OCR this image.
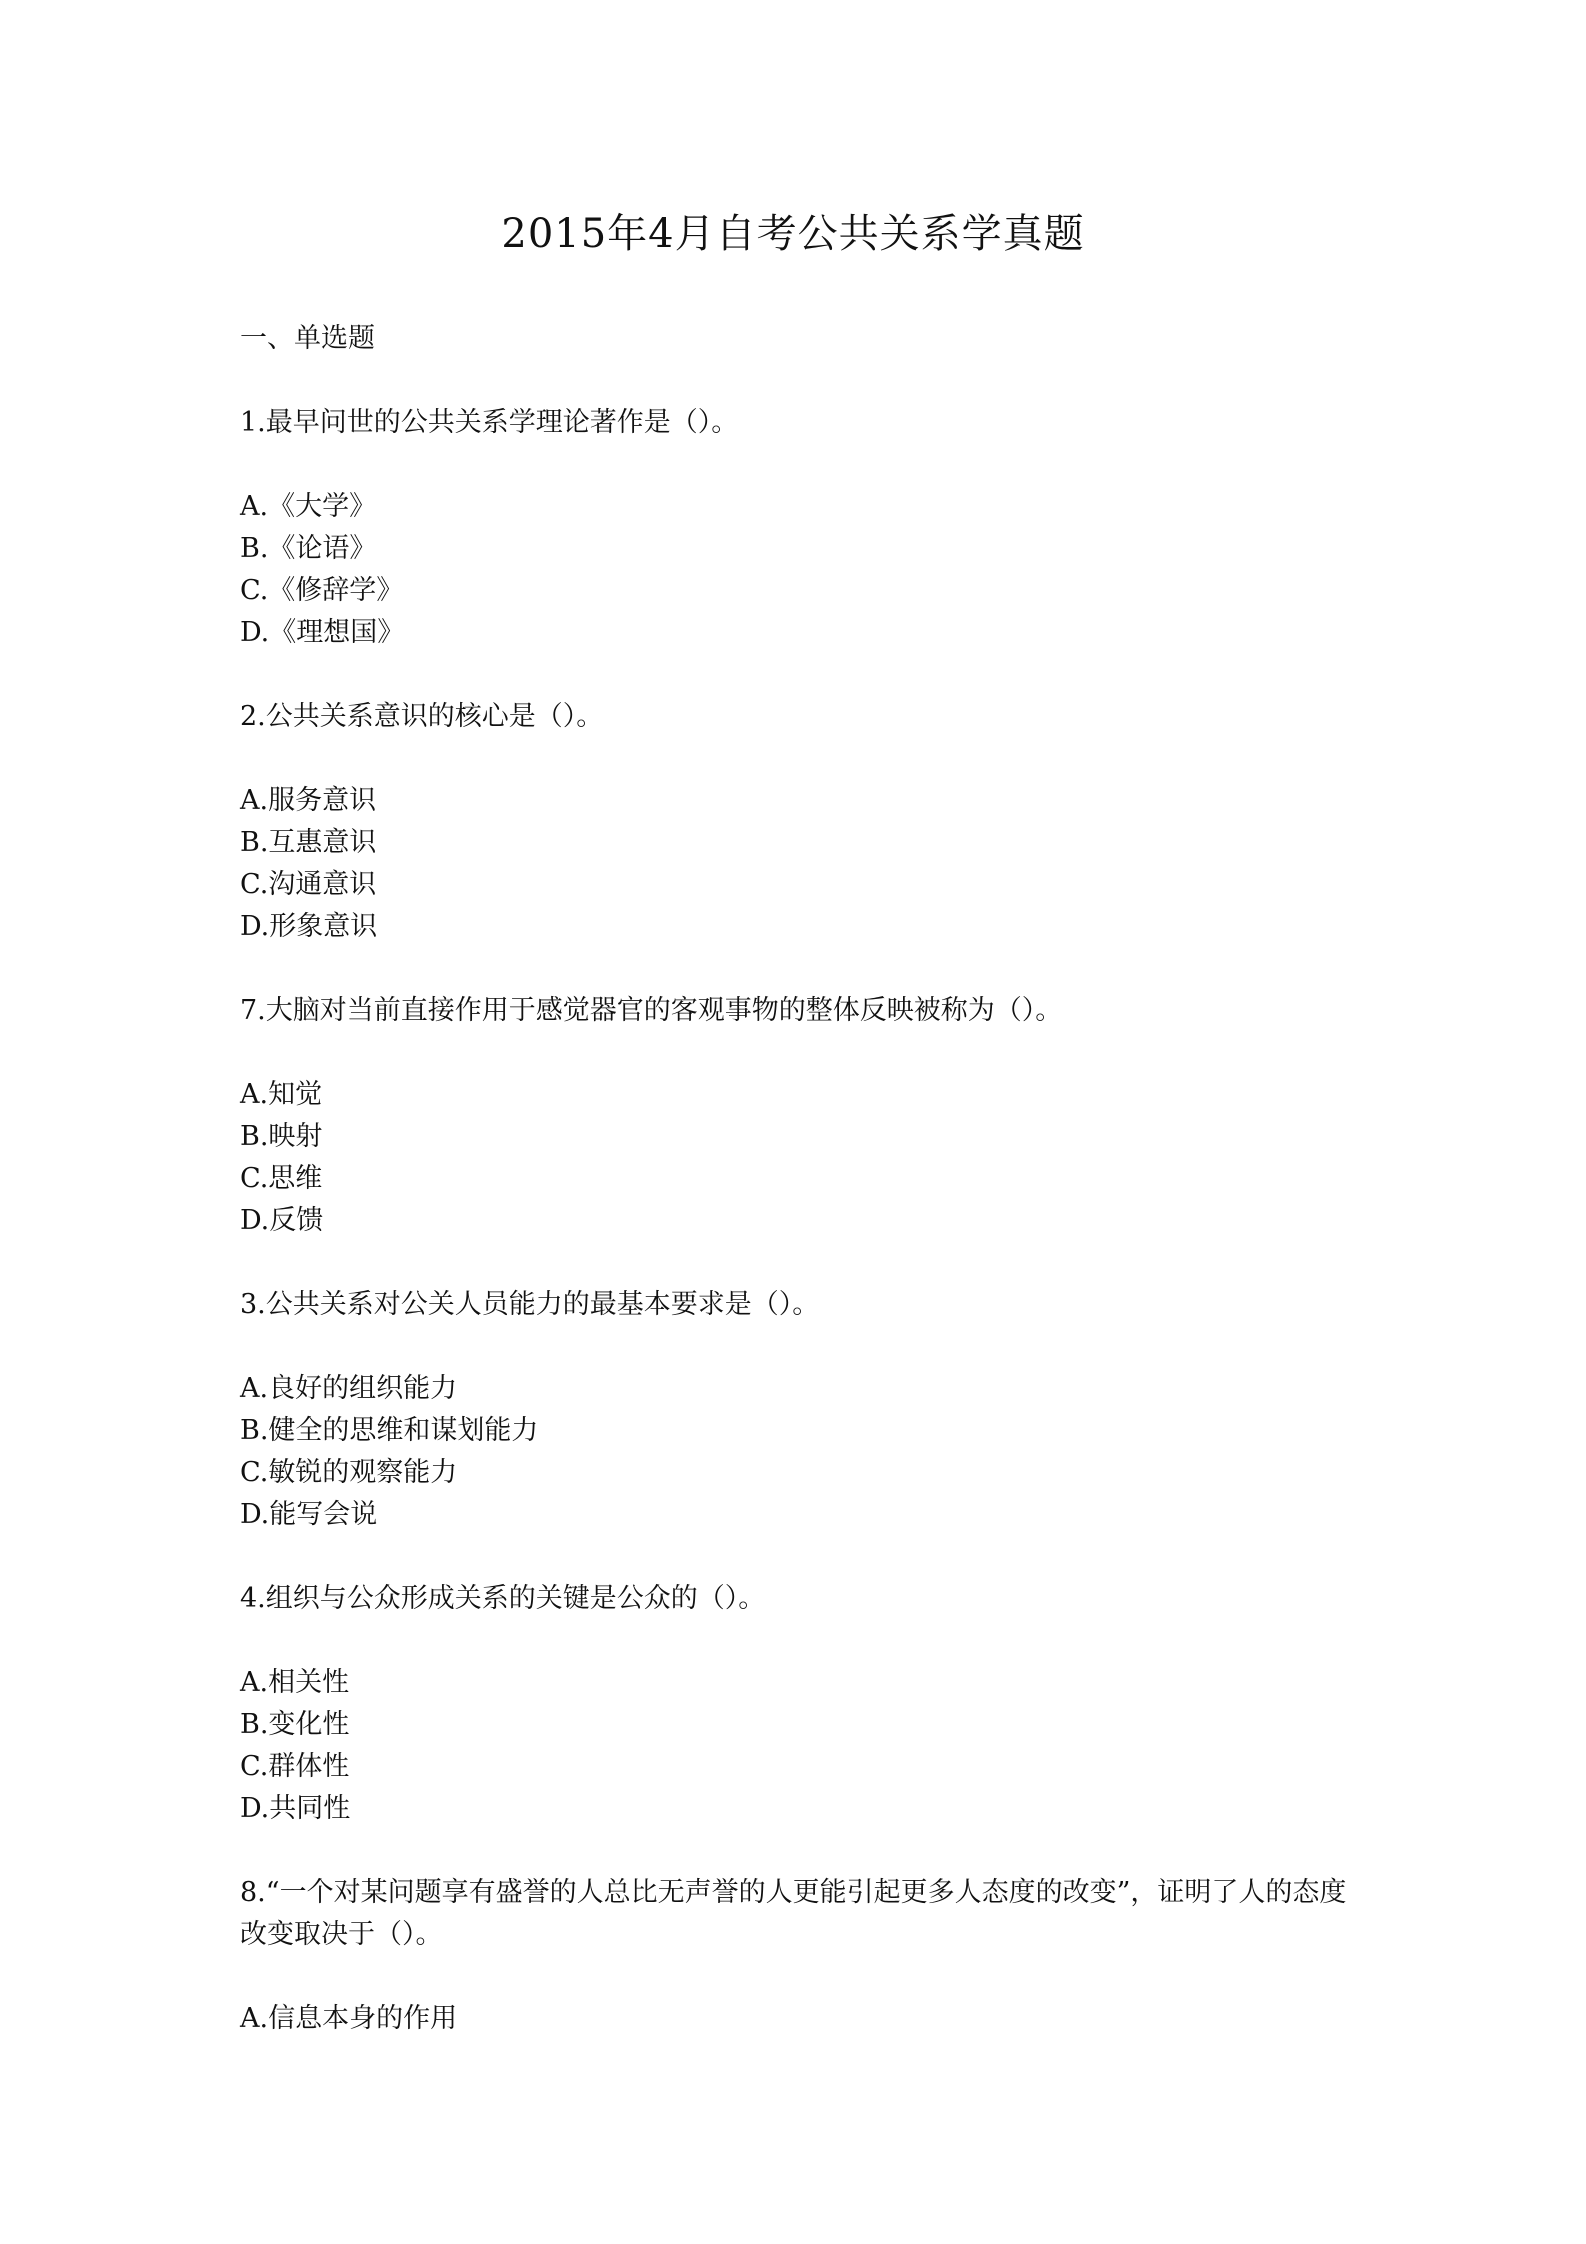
2015年4月自考公共关系学真题
一、单选题
1.最早问世的公共关系学理论著作是（）。
A.《大学》
B.《论语》
C.《修辞学》
D.《理想国》
2.公共关系意识的核心是（）。
A.服务意识
B.互惠意识
C.沟通意识
D.形象意识
7.大脑对当前直接作用于感觉器官的客观事物的整体反映被称为（）。
A.知觉
B.映射
C.思维
D.反馈
3.公共关系对公关人员能力的最基本要求是（）。
A.良好的组织能力
B.健全的思维和谋划能力
C.敏锐的观察能力
D.能写会说
4.组织与公众形成关系的关键是公众的（）。
A.相关性
B.变化性
C.群体性
D.共同性
8.“一个对某问题享有盛誉的人总比无声誉的人更能引起更多人态度的改变”，证明了人的态度改变取决于（）。
A.信息本身的作用
